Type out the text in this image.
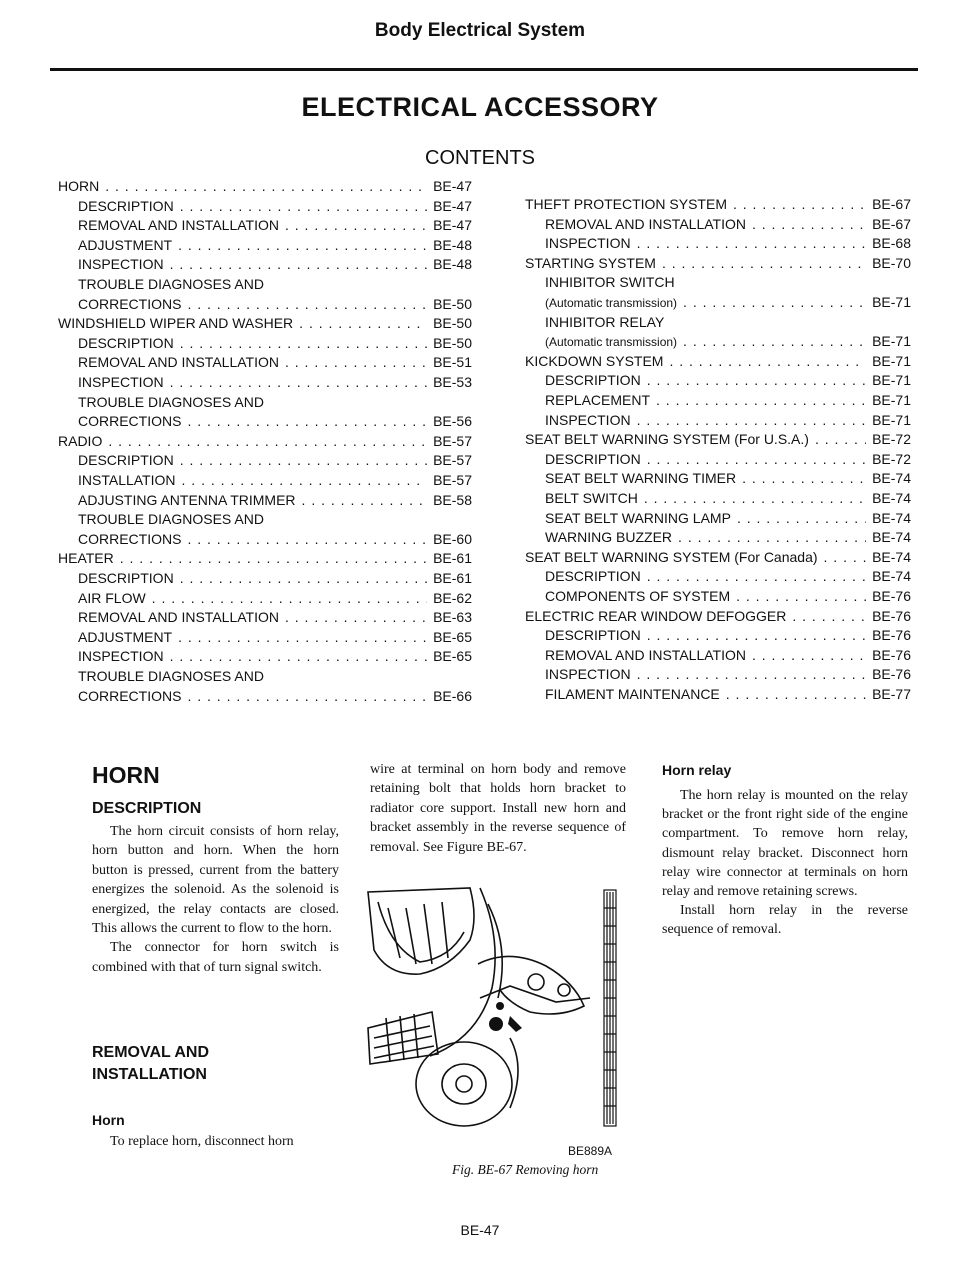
Body Electrical System
ELECTRICAL ACCESSORY
CONTENTS
HORN . . .	BE-47
DESCRIPTION . . .	BE-47
REMOVAL AND INSTALLATION . . .	BE-47
ADJUSTMENT . . .	BE-48
INSPECTION . . .	BE-48
TROUBLE DIAGNOSES AND
CORRECTIONS . . .	BE-50
WINDSHIELD WIPER AND WASHER . . .	BE-50
DESCRIPTION . . .	BE-50
REMOVAL AND INSTALLATION . . .	BE-51
INSPECTION . . .	BE-53
TROUBLE DIAGNOSES AND
CORRECTIONS . . .	BE-56
RADIO . . .	BE-57
DESCRIPTION . . .	BE-57
INSTALLATION . . .	BE-57
ADJUSTING ANTENNA TRIMMER . . .	BE-58
TROUBLE DIAGNOSES AND
CORRECTIONS . . .	BE-60
HEATER . . .	BE-61
DESCRIPTION . . .	BE-61
AIR FLOW . . .	BE-62
REMOVAL AND INSTALLATION . . .	BE-63
ADJUSTMENT . . .	BE-65
INSPECTION . . .	BE-65
TROUBLE DIAGNOSES AND
CORRECTIONS . . .	BE-66
THEFT PROTECTION SYSTEM . . .	BE-67
REMOVAL AND INSTALLATION . . .	BE-67
INSPECTION . . .	BE-68
STARTING SYSTEM . . .	BE-70
INHIBITOR SWITCH
(Automatic transmission) . . .	BE-71
INHIBITOR RELAY
(Automatic transmission) . . .	BE-71
KICKDOWN SYSTEM . . .	BE-71
DESCRIPTION . . .	BE-71
REPLACEMENT . . .	BE-71
INSPECTION . . .	BE-71
SEAT BELT WARNING SYSTEM (For U.S.A.) . . .	BE-72
DESCRIPTION . . .	BE-72
SEAT BELT WARNING TIMER . . .	BE-74
BELT SWITCH . . .	BE-74
SEAT BELT WARNING LAMP . . .	BE-74
WARNING BUZZER . . .	BE-74
SEAT BELT WARNING SYSTEM (For Canada) . . .	BE-74
DESCRIPTION . . .	BE-74
COMPONENTS OF SYSTEM . . .	BE-76
ELECTRIC REAR WINDOW DEFOGGER . . .	BE-76
DESCRIPTION . . .	BE-76
REMOVAL AND INSTALLATION . . .	BE-76
INSPECTION . . .	BE-76
FILAMENT MAINTENANCE . . .	BE-77
HORN
DESCRIPTION

The horn circuit consists of horn relay, horn button and horn. When the horn button is pressed, current from the battery energizes the solenoid. As the solenoid is energized, the relay contacts are closed. This allows the current to flow to the horn.

The connector for horn switch is combined with that of turn signal switch.

REMOVAL AND INSTALLATION
Horn

To replace horn, disconnect horn

wire at terminal on horn body and remove retaining bolt that holds horn bracket to radiator core support. Install new horn and bracket assembly in the reverse sequence of removal. See Figure BE-67.

BE889A
Fig. BE-67 Removing horn
Horn relay

The horn relay is mounted on the relay bracket or the front right side of the engine compartment. To remove horn relay, dismount relay bracket. Disconnect horn relay wire connector at terminals on horn relay and remove retaining screws.

Install horn relay in the reverse sequence of removal.

BE-47
